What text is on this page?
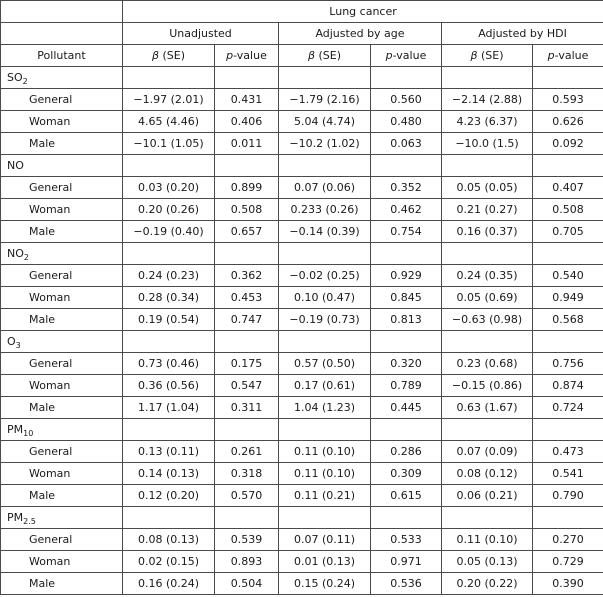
	Lung cancer					
	Unadjusted		Adjusted by age		Adjusted by HDI	
Pollutant	β (SE)	p-value	β (SE)	p-value	β (SE)	p-value
$SO_2$						
General	−1.97 (2.01)	0.431	−1.79 (2.16)	0.560	−2.14 (2.88)	0.593
Woman	4.65 (4.46)	0.406	5.04 (4.74)	0.480	4.23 (6.37)	0.626
Male	−10.1 (1.05)	0.011	−10.2 (1.02)	0.063	−10.0 (1.5)	0.092
NO						
General	0.03 (0.20)	0.899	0.07 (0.06)	0.352	0.05 (0.05)	0.407
Woman	0.20 (0.26)	0.508	0.233 (0.26)	0.462	0.21 (0.27)	0.508
Male	−0.19 (0.40)	0.657	−0.14 (0.39)	0.754	0.16 (0.37)	0.705
$NO_2$						
General	0.24 (0.23)	0.362	−0.02 (0.25)	0.929	0.24 (0.35)	0.540
Woman	0.28 (0.34)	0.453	0.10 (0.47)	0.845	0.05 (0.69)	0.949
Male	0.19 (0.54)	0.747	−0.19 (0.73)	0.813	−0.63 (0.98)	0.568
$O_3$						
General	0.73 (0.46)	0.175	0.57 (0.50)	0.320	0.23 (0.68)	0.756
Woman	0.36 (0.56)	0.547	0.17 (0.61)	0.789	−0.15 (0.86)	0.874
Male	1.17 (1.04)	0.311	1.04 (1.23)	0.445	0.63 (1.67)	0.724
$PM_{10}$						
General	0.13 (0.11)	0.261	0.11 (0.10)	0.286	0.07 (0.09)	0.473
Woman	0.14 (0.13)	0.318	0.11 (0.10)	0.309	0.08 (0.12)	0.541
Male	0.12 (0.20)	0.570	0.11 (0.21)	0.615	0.06 (0.21)	0.790
$PM_{2.5}$						
General	0.08 (0.13)	0.539	0.07 (0.11)	0.533	0.11 (0.10)	0.270
Woman	0.02 (0.15)	0.893	0.01 (0.13)	0.971	0.05 (0.13)	0.729
Male	0.16 (0.24)	0.504	0.15 (0.24)	0.536	0.20 (0.22)	0.390
